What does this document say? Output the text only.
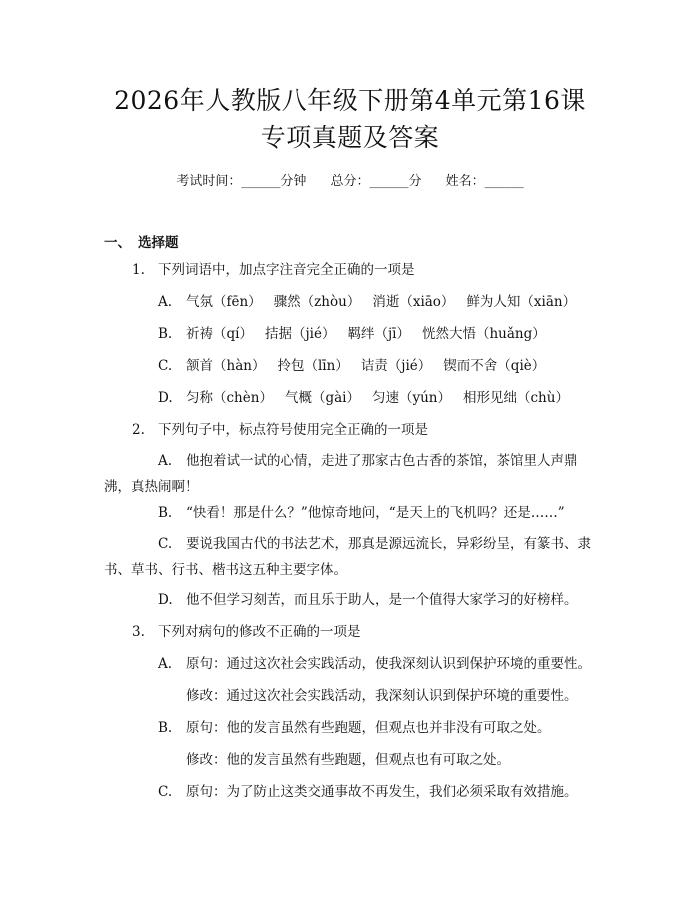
2026年人教版八年级下册第4单元第16课
专项真题及答案
考试时间：______分钟 总分：______分 姓名：______
一、 选择题
1. 下列词语中，加点字注音完全正确的一项是
A. 气氛（fēn） 骤然（zhòu） 消逝（xiāo） 鲜为人知（xiān）
B. 祈祷（qí） 拮据（jié） 羁绊（jī） 恍然大悟（huǎng）
C. 颔首（hàn） 拎包（līn） 诘责（jié） 锲而不舍（qiè）
D. 匀称（chèn） 气概（gài） 匀速（yún） 相形见绌（chù）
2. 下列句子中，标点符号使用完全正确的一项是
A. 他抱着试一试的心情，走进了那家古色古香的茶馆，茶馆里人声鼎沸，真热闹啊！
B. “快看！那是什么？”他惊奇地问，“是天上的飞机吗？还是……”
C. 要说我国古代的书法艺术，那真是源远流长，异彩纷呈，有篆书、隶书、草书、行书、楷书这五种主要字体。
D. 他不但学习刻苦，而且乐于助人，是一个值得大家学习的好榜样。
3. 下列对病句的修改不正确的一项是
A. 原句：通过这次社会实践活动，使我深刻认识到保护环境的重要性。
修改：通过这次社会实践活动，我深刻认识到保护环境的重要性。
B. 原句：他的发言虽然有些跑题，但观点也并非没有可取之处。
修改：他的发言虽然有些跑题，但观点也有可取之处。
C. 原句：为了防止这类交通事故不再发生，我们必须采取有效措施。
